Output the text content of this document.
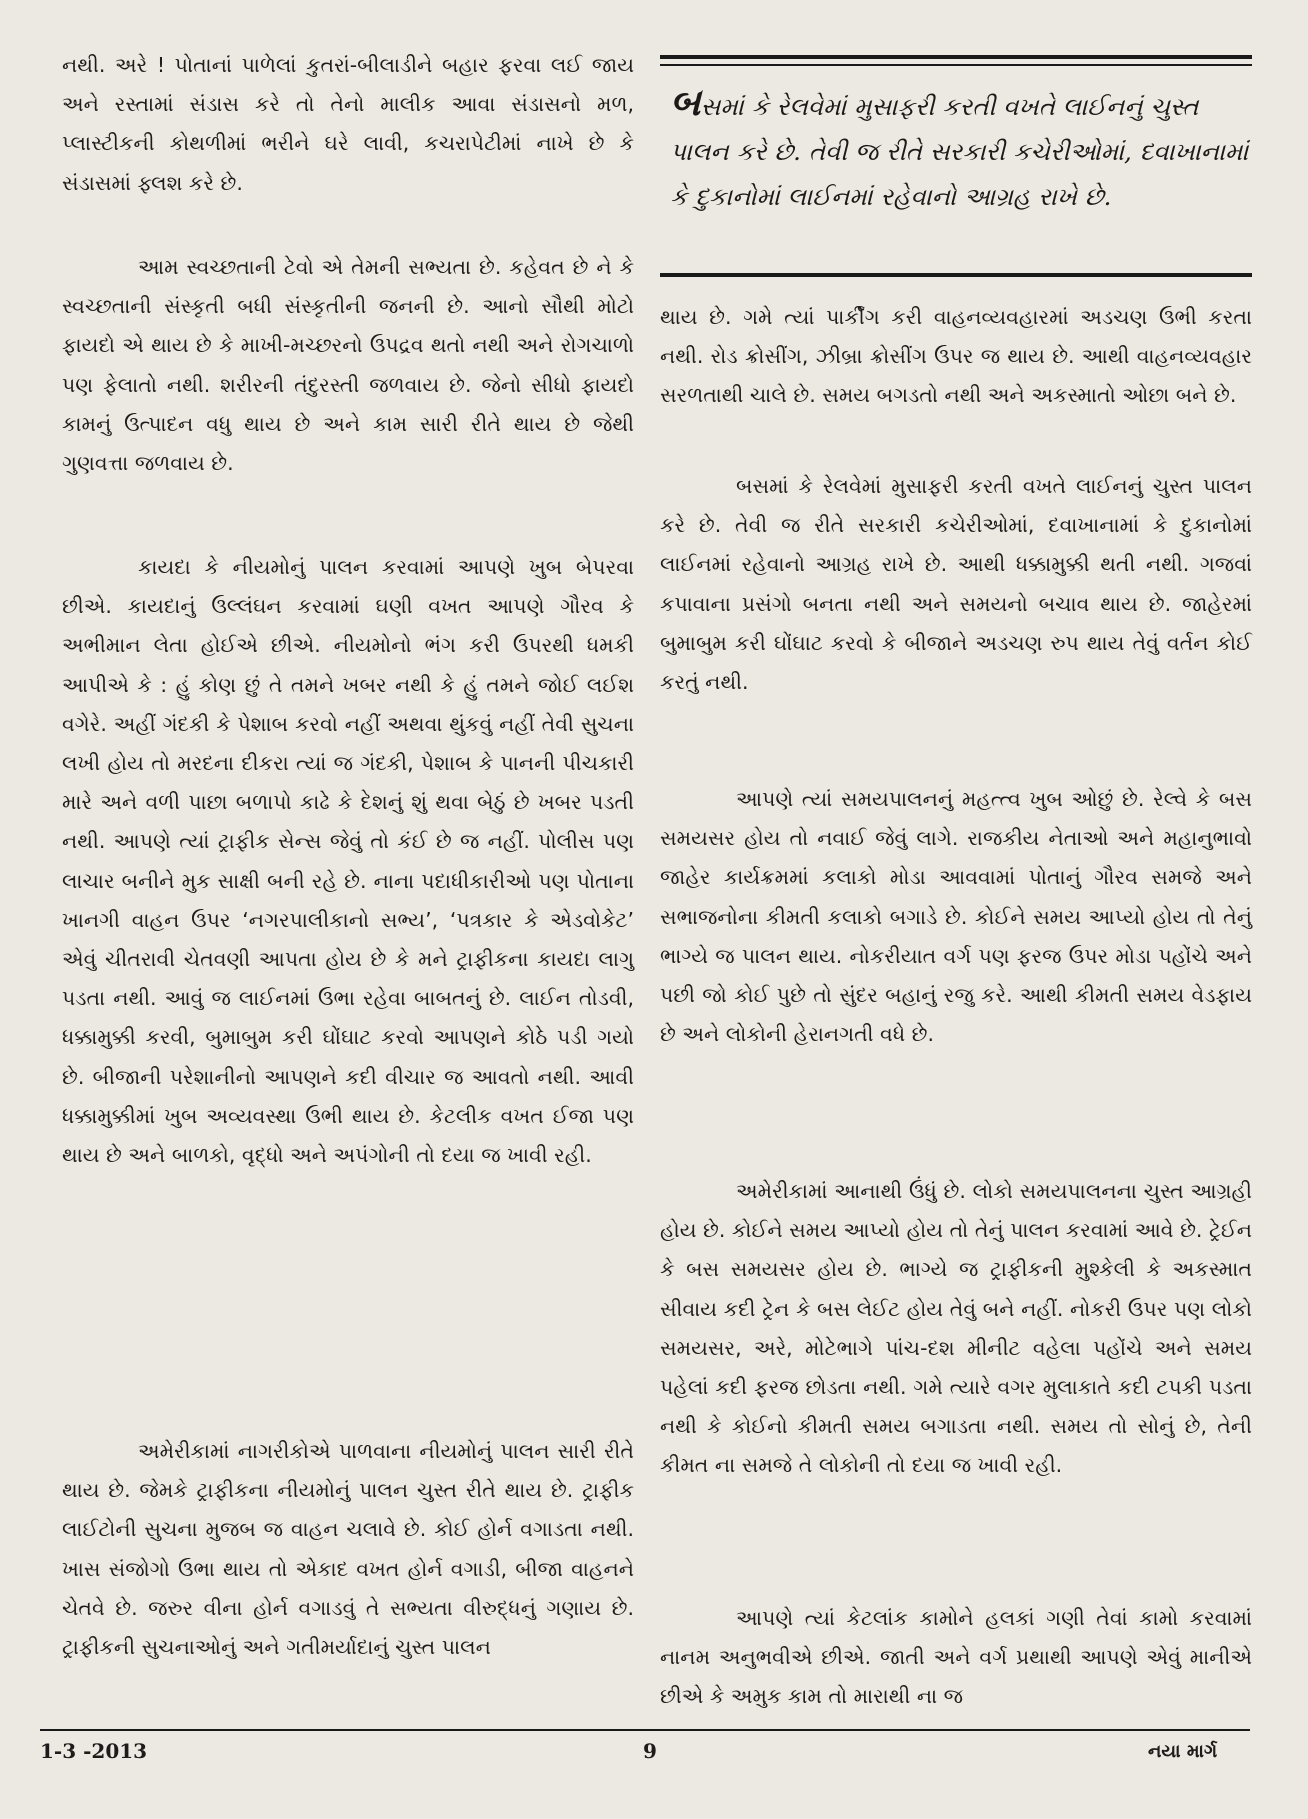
નથી. અરે ! પોતાનાં પાળેલાં કુતરાં-બીલાડીને બહાર ફરવા લઈ જાય અને રસ્તામાં સંડાસ કરે તો તેનો માલીક આવા સંડાસનો મળ, પ્લાસ્ટીકની કોથળીમાં ભરીને ઘરે લાવી, કચરાપેટીમાં નાખે છે કે સંડાસમાં ફ્લશ કરે છે.

આમ સ્વચ્છતાની ટેવો એ તેમની સભ્યતા છે. કહેવત છે ને કે સ્વચ્છતાની સંસ્કૃતી બધી સંસ્કૃતીની જનની છે. આનો સૌથી મોટો ફાયદો એ થાય છે કે માખી-મચ્છરનો ઉપદ્રવ થતો નથી અને રોગચાળો પણ ફેલાતો નથી. શરીરની તંદુરસ્તી જળવાય છે. જેનો સીધો ફાયદો કામનું ઉત્પાદન વધુ થાય છે અને કામ સારી રીતે થાય છે જેથી ગુણવત્તા જળવાય છે.

કાયદા કે નીયમોનું પાલન કરવામાં આપણે ખુબ બેપરવા છીએ. કાયદાનું ઉલ્લંઘન કરવામાં ઘણી વખત આપણે ગૌરવ કે અભીમાન લેતા હોઈએ છીએ. નીયમોનો ભંગ કરી ઉપરથી ધમકી આપીએ કે : હું કોણ છું તે તમને ખબર નથી કે હું તમને જોઈ લઈશ વગેરે. અહીં ગંદકી કે પેશાબ કરવો નહીં અથવા થુંકવું નહીં તેવી સુચના લખી હોય તો મરદના દીકરા ત્યાં જ ગંદકી, પેશાબ કે પાનની પીચકારી મારે અને વળી પાછા બળાપો કાઢે કે દેશનું શું થવા બેઠું છે ખબર પડતી નથી. આપણે ત્યાં ટ્રાફીક સેન્સ જેવું તો કંઈ છે જ નહીં. પોલીસ પણ લાચાર બનીને મુક સાક્ષી બની રહે છે. નાના પદાધીકારીઓ પણ પોતાના ખાનગી વાહન ઉપર ‘નગરપાલીકાનો સભ્ય’, ‘પત્રકાર કે એડવોકેટ’ એવું ચીતરાવી ચેતવણી આપતા હોય છે કે મને ટ્રાફીકના કાયદા લાગુ પડતા નથી. આવું જ લાઈનમાં ઉભા રહેવા બાબતનું છે. લાઈન તોડવી, ધક્કામુક્કી કરવી, બુમાબુમ કરી ઘોંઘાટ કરવો આપણને કોઠે પડી ગયો છે. બીજાની પરેશાનીનો આપણને કદી વીચાર જ આવતો નથી. આવી ધક્કામુક્કીમાં ખુબ અવ્યવસ્થા ઉભી થાય છે. કેટલીક વખત ઈજા પણ થાય છે અને બાળકો, વૃદ્ધો અને અપંગોની તો દયા જ ખાવી રહી.

અમેરીકામાં નાગરીકોએ પાળવાના નીયમોનું પાલન સારી રીતે થાય છે. જેમકે ટ્રાફીકના નીયમોનું પાલન ચુસ્ત રીતે થાય છે. ટ્રાફીક લાઈટોની સુચના મુજબ જ વાહન ચલાવે છે. કોઈ હોર્ન વગાડતા નથી. ખાસ સંજોગો ઉભા થાય તો એકાદ વખત હોર્ન વગાડી, બીજા વાહનને ચેતવે છે. જરુર વીના હોર્ન વગાડવું તે સભ્યતા વીરુદ્ધનું ગણાય છે. ટ્રાફીકની સુચનાઓનું અને ગતીમર્યાદાનું ચુસ્ત પાલન

બસમાં કે રેલવેમાં મુસાફરી કરતી વખતે લાઈનનું ચુસ્ત પાલન કરે છે. તેવી જ રીતે સરકારી કચેરીઓમાં, દવાખાનામાં કે દુકાનોમાં લાઈનમાં રહેવાનો આગ્રહ રાખે છે.

થાય છે. ગમે ત્યાં પાર્કીંગ કરી વાહનવ્યવહારમાં અડચણ ઉભી કરતા નથી. રોડ ક્રોસીંગ, ઝીબ્રા ક્રોસીંગ ઉપર જ થાય છે. આથી વાહનવ્યવહાર સરળતાથી ચાલે છે. સમય બગડતો નથી અને અકસ્માતો ઓછા બને છે.

બસમાં કે રેલવેમાં મુસાફરી કરતી વખતે લાઈનનું ચુસ્ત પાલન કરે છે. તેવી જ રીતે સરકારી કચેરીઓમાં, દવાખાનામાં કે દુકાનોમાં લાઈનમાં રહેવાનો આગ્રહ રાખે છે. આથી ધક્કામુક્કી થતી નથી. ગજવાં કપાવાના પ્રસંગો બનતા નથી અને સમયનો બચાવ થાય છે. જાહેરમાં બુમાબુમ કરી ઘોંઘાટ કરવો કે બીજાને અડચણ રુપ થાય તેવું વર્તન કોઈ કરતું નથી.

આપણે ત્યાં સમયપાલનનું મહત્ત્વ ખુબ ઓછું છે. રેલ્વે કે બસ સમયસર હોય તો નવાઈ જેવું લાગે. રાજકીય નેતાઓ અને મહાનુભાવો જાહેર કાર્યક્રમમાં કલાકો મોડા આવવામાં પોતાનું ગૌરવ સમજે અને સભાજનોના કીમતી કલાકો બગાડે છે. કોઈને સમય આપ્યો હોય તો તેનું ભાગ્યે જ પાલન થાય. નોકરીયાત વર્ગ પણ ફરજ ઉપર મોડા પહોંચે અને પછી જો કોઈ પુછે તો સુંદર બહાનું રજુ કરે. આથી કીમતી સમય વેડફાય છે અને લોકોની હેરાનગતી વધે છે.

અમેરીકામાં આનાથી ઉંધું છે. લોકો સમયપાલનના ચુસ્ત આગ્રહી હોય છે. કોઈને સમય આપ્યો હોય તો તેનું પાલન કરવામાં આવે છે. ટ્રેઈન કે બસ સમયસર હોય છે. ભાગ્યે જ ટ્રાફીકની મુશ્કેલી કે અકસ્માત સીવાય કદી ટ્રેન કે બસ લેઈટ હોય તેવું બને નહીં. નોકરી ઉપર પણ લોકો સમયસર, અરે, મોટેભાગે પાંચ-દશ મીનીટ વહેલા પહોંચે અને સમય પહેલાં કદી ફરજ છોડતા નથી. ગમે ત્યારે વગર મુલાકાતે કદી ટપકી પડતા નથી કે કોઈનો કીમતી સમય બગાડતા નથી. સમય તો સોનું છે, તેની કીમત ના સમજે તે લોકોની તો દયા જ ખાવી રહી.

આપણે ત્યાં કેટલાંક કામોને હલકાં ગણી તેવાં કામો કરવામાં નાનમ અનુભવીએ છીએ. જાતી અને વર્ગ પ્રથાથી આપણે એવું માનીએ છીએ કે અમુક કામ તો મારાથી ના જ

1-3 -2013	9	નયા માર્ગ
